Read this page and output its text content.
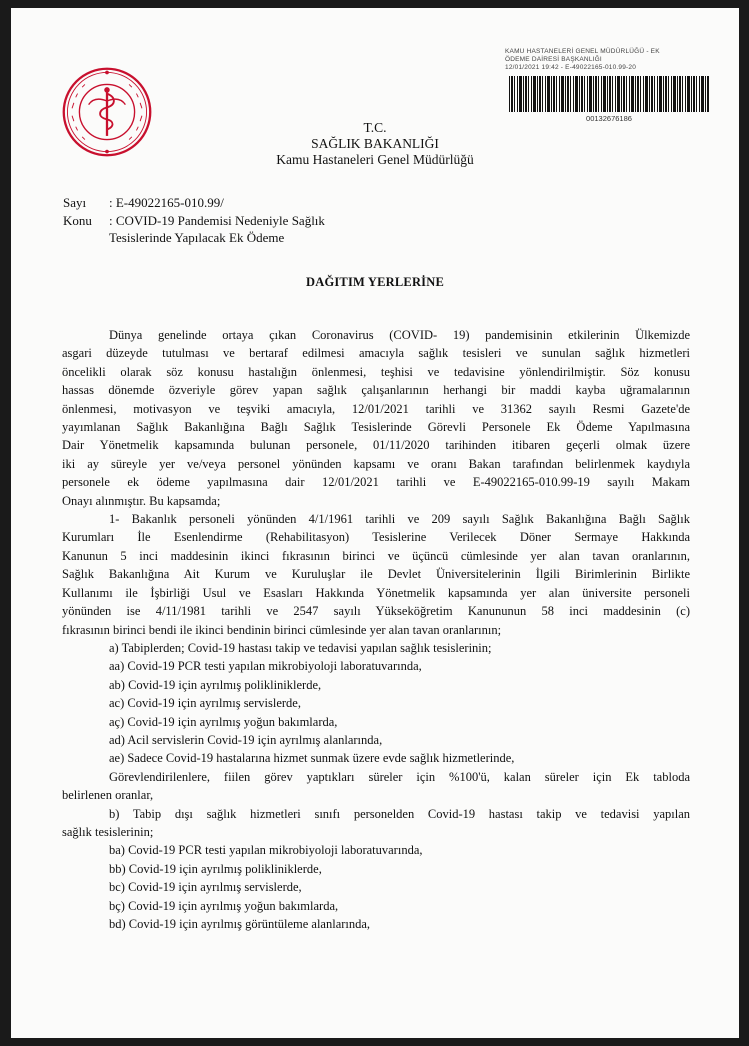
KAMU HASTANELERİ GENEL MÜDÜRLÜĞÜ - EK
ÖDEME DAİRESİ BAŞKANLIĞI
12/01/2021 19:42 - E-49022165-010.99-20
00132676186
T.C.
SAĞLIK BAKANLIĞI
Kamu Hastaneleri Genel Müdürlüğü
Sayı : E-49022165-010.99/
Konu : COVID-19 Pandemisi Nedeniyle Sağlık
Tesislerinde Yapılacak Ek Ödeme
DAĞITIM YERLERİNE

Dünya genelinde ortaya çıkan Coronavirus (COVID- 19) pandemisinin etkilerinin Ülkemizde

asgari düzeyde tutulması ve bertaraf edilmesi amacıyla sağlık tesisleri ve sunulan sağlık hizmetleri

öncelikli olarak söz konusu hastalığın önlenmesi, teşhisi ve tedavisine yönlendirilmiştir. Söz konusu

hassas dönemde özveriyle görev yapan sağlık çalışanlarının herhangi bir maddi kayba uğramalarının

önlenmesi, motivasyon ve teşviki amacıyla, 12/01/2021 tarihli ve 31362 sayılı Resmi Gazete'de

yayımlanan Sağlık Bakanlığına Bağlı Sağlık Tesislerinde Görevli Personele Ek Ödeme Yapılmasına

Dair Yönetmelik kapsamında bulunan personele, 01/11/2020 tarihinden itibaren geçerli olmak üzere

iki ay süreyle yer ve/veya personel yönünden kapsamı ve oranı Bakan tarafından belirlenmek kaydıyla

personele ek ödeme yapılmasına dair 12/01/2021 tarihli ve E-49022165-010.99-19 sayılı Makam

Onayı alınmıştır. Bu kapsamda;

1- Bakanlık personeli yönünden 4/1/1961 tarihli ve 209 sayılı Sağlık Bakanlığına Bağlı Sağlık

Kurumları İle Esenlendirme (Rehabilitasyon) Tesislerine Verilecek Döner Sermaye Hakkında

Kanunun 5 inci maddesinin ikinci fıkrasının birinci ve üçüncü cümlesinde yer alan tavan oranlarının,

Sağlık Bakanlığına Ait Kurum ve Kuruluşlar ile Devlet Üniversitelerinin İlgili Birimlerinin Birlikte

Kullanımı ile İşbirliği Usul ve Esasları Hakkında Yönetmelik kapsamında yer alan üniversite personeli

yönünden ise 4/11/1981 tarihli ve 2547 sayılı Yükseköğretim Kanununun 58 inci maddesinin (c)

fıkrasının birinci bendi ile ikinci bendinin birinci cümlesinde yer alan tavan oranlarının;

a) Tabiplerden; Covid-19 hastası takip ve tedavisi yapılan sağlık tesislerinin;

aa) Covid-19 PCR testi yapılan mikrobiyoloji laboratuvarında,

ab) Covid-19 için ayrılmış polikliniklerde,

ac) Covid-19 için ayrılmış servislerde,

aç) Covid-19 için ayrılmış yoğun bakımlarda,

ad) Acil servislerin Covid-19 için ayrılmış alanlarında,

ae) Sadece Covid-19 hastalarına hizmet sunmak üzere evde sağlık hizmetlerinde,

Görevlendirilenlere, fiilen görev yaptıkları süreler için %100'ü, kalan süreler için Ek tabloda

belirlenen oranlar,

b) Tabip dışı sağlık hizmetleri sınıfı personelden Covid-19 hastası takip ve tedavisi yapılan

sağlık tesislerinin;

ba) Covid-19 PCR testi yapılan mikrobiyoloji laboratuvarında,

bb) Covid-19 için ayrılmış polikliniklerde,

bc) Covid-19 için ayrılmış servislerde,

bç) Covid-19 için ayrılmış yoğun bakımlarda,

bd) Covid-19 için ayrılmış görüntüleme alanlarında,
